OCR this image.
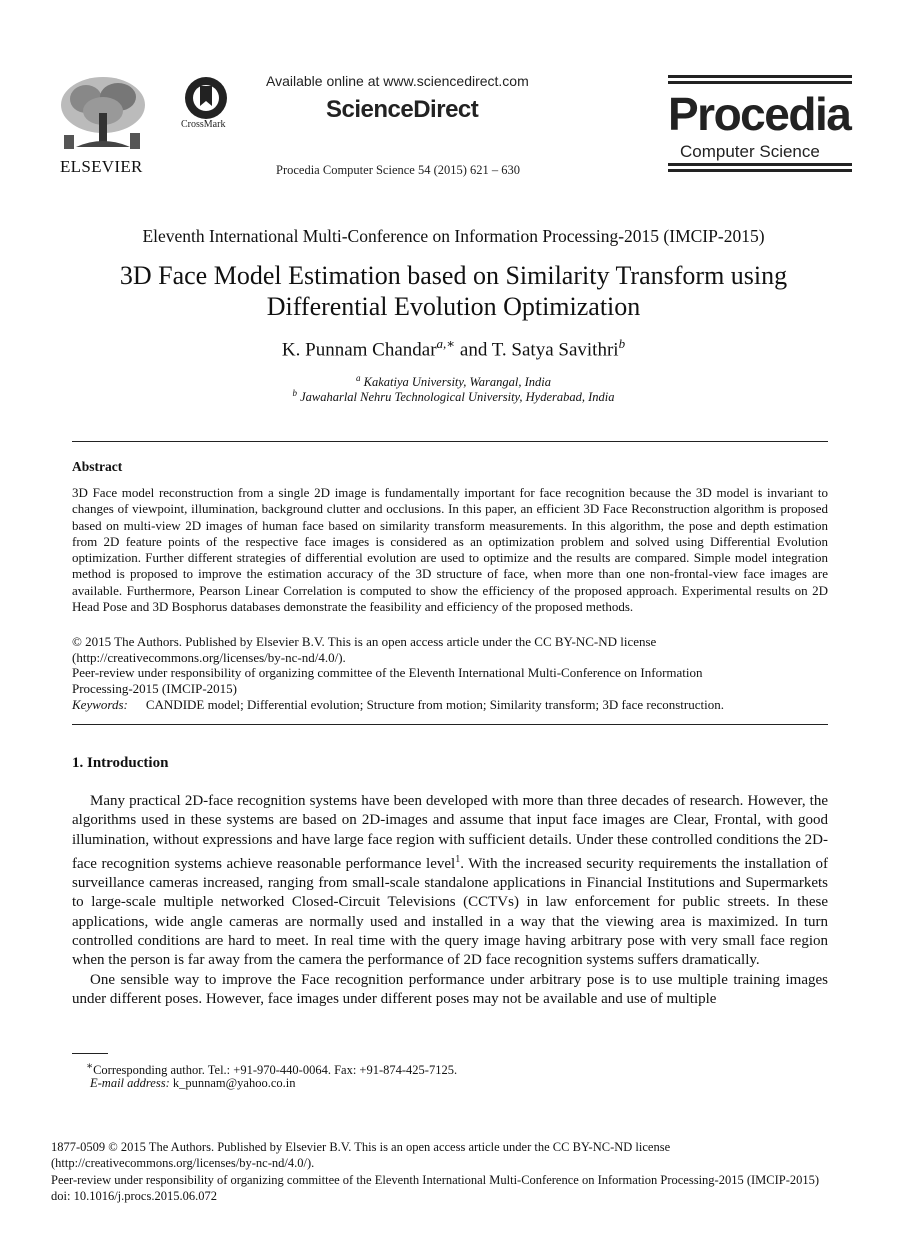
ELSEVIER
CrossMark
Available online at www.sciencedirect.com
ScienceDirect
Procedia Computer Science 54 (2015) 621 – 630
Procedia
Computer Science
Eleventh International Multi-Conference on Information Processing-2015 (IMCIP-2015)
3D Face Model Estimation based on Similarity Transform using
Differential Evolution Optimization
K. Punnam Chandar$^{a,∗}$ and T. Satya Savithri$^b$
$^a$ Kakatiya University, Warangal, India
$^b$ Jawaharlal Nehru Technological University, Hyderabad, India
Abstract
3D Face model reconstruction from a single 2D image is fundamentally important for face recognition because the 3D model is invariant to changes of viewpoint, illumination, background clutter and occlusions. In this paper, an efficient 3D Face Reconstruction algorithm is proposed based on multi-view 2D images of human face based on similarity transform measurements. In this algorithm, the pose and depth estimation from 2D feature points of the respective face images is considered as an optimization problem and solved using Differential Evolution optimization. Further different strategies of differential evolution are used to optimize and the results are compared. Simple model integration method is proposed to improve the estimation accuracy of the 3D structure of face, when more than one non-frontal-view face images are available. Furthermore, Pearson Linear Correlation is computed to show the efficiency of the proposed approach. Experimental results on 2D Head Pose and 3D Bosphorus databases demonstrate the feasibility and efficiency of the proposed methods.
© 2015 The Authors. Published by Elsevier B.V. This is an open access article under the CC BY-NC-ND license
(http://creativecommons.org/licenses/by-nc-nd/4.0/).
Peer-review under responsibility of organizing committee of the Eleventh International Multi-Conference on Information
Processing-2015 (IMCIP-2015)
Keywords: CANDIDE model; Differential evolution; Structure from motion; Similarity transform; 3D face reconstruction.
1. Introduction

Many practical 2D-face recognition systems have been developed with more than three decades of research. However, the algorithms used in these systems are based on 2D-images and assume that input face images are Clear, Frontal, with good illumination, without expressions and have large face region with sufficient details. Under these controlled conditions the 2D-face recognition systems achieve reasonable performance level$^1$. With the increased security requirements the installation of surveillance cameras increased, ranging from small-scale standalone applications in Financial Institutions and Supermarkets to large-scale multiple networked Closed-Circuit Televisions (CCTVs) in law enforcement for public streets. In these applications, wide angle cameras are normally used and installed in a way that the viewing area is maximized. In turn controlled conditions are hard to meet. In real time with the query image having arbitrary pose with very small face region when the person is far away from the camera the performance of 2D face recognition systems suffers dramatically.

One sensible way to improve the Face recognition performance under arbitrary pose is to use multiple training images under different poses. However, face images under different poses may not be available and use of multiple

∗Corresponding author. Tel.: +91-970-440-0064. Fax: +91-874-425-7125.
E-mail address: k_punnam@yahoo.co.in
1877-0509 © 2015 The Authors. Published by Elsevier B.V. This is an open access article under the CC BY-NC-ND license
(http://creativecommons.org/licenses/by-nc-nd/4.0/).
Peer-review under responsibility of organizing committee of the Eleventh International Multi-Conference on Information Processing-2015 (IMCIP-2015)
doi: 10.1016/j.procs.2015.06.072
